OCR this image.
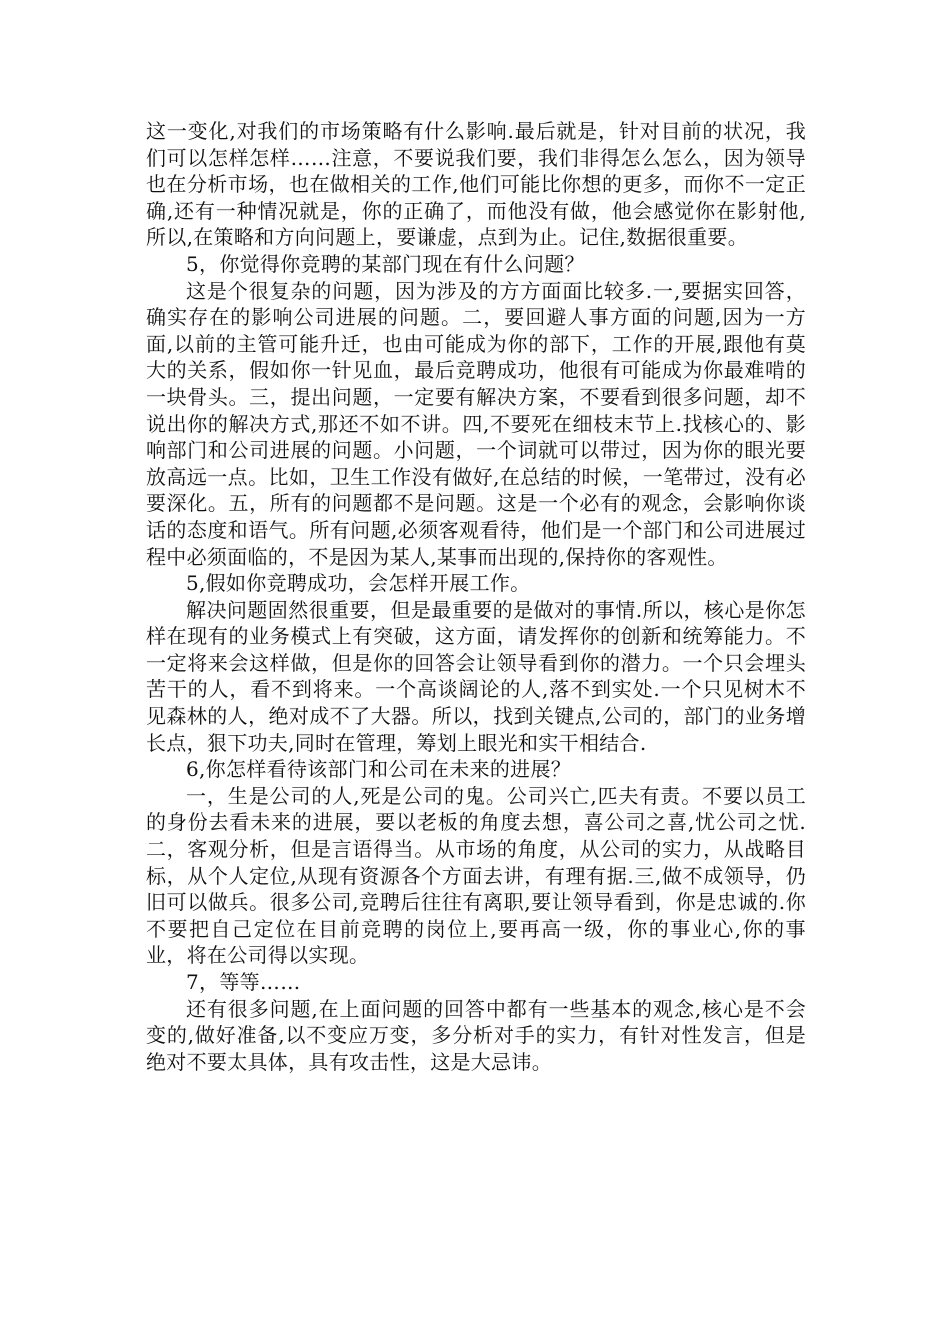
这一变化,对我们的市场策略有什么影响.最后就是，针对目前的状况，我们可以怎样怎样……注意，不要说我们要，我们非得怎么怎么，因为领导也在分析市场，也在做相关的工作,他们可能比你想的更多，而你不一定正确,还有一种情况就是，你的正确了，而他没有做，他会感觉你在影射他,所以,在策略和方向问题上，要谦虚，点到为止。记住,数据很重要。

5，你觉得你竞聘的某部门现在有什么问题？

这是个很复杂的问题，因为涉及的方方面面比较多.一,要据实回答，确实存在的影响公司进展的问题。二，要回避人事方面的问题,因为一方面,以前的主管可能升迁，也由可能成为你的部下，工作的开展,跟他有莫大的关系，假如你一针见血，最后竞聘成功，他很有可能成为你最难啃的一块骨头。三，提出问题，一定要有解决方案，不要看到很多问题，却不说出你的解决方式,那还不如不讲。四,不要死在细枝末节上.找核心的、影响部门和公司进展的问题。小问题，一个词就可以带过，因为你的眼光要放高远一点。比如，卫生工作没有做好,在总结的时候，一笔带过，没有必要深化。五，所有的问题都不是问题。这是一个必有的观念，会影响你谈话的态度和语气。所有问题,必须客观看待，他们是一个部门和公司进展过程中必须面临的，不是因为某人,某事而出现的,保持你的客观性。

5,假如你竞聘成功，会怎样开展工作。

解决问题固然很重要，但是最重要的是做对的事情.所以，核心是你怎样在现有的业务模式上有突破，这方面，请发挥你的创新和统筹能力。不一定将来会这样做，但是你的回答会让领导看到你的潜力。一个只会埋头苦干的人，看不到将来。一个高谈阔论的人,落不到实处.一个只见树木不见森林的人，绝对成不了大器。所以，找到关键点,公司的，部门的业务增长点，狠下功夫,同时在管理，筹划上眼光和实干相结合.

6,你怎样看待该部门和公司在未来的进展？

一，生是公司的人,死是公司的鬼。公司兴亡,匹夫有责。不要以员工的身份去看未来的进展，要以老板的角度去想，喜公司之喜,忧公司之忧.二，客观分析，但是言语得当。从市场的角度，从公司的实力，从战略目标，从个人定位,从现有资源各个方面去讲，有理有据.三,做不成领导，仍旧可以做兵。很多公司,竞聘后往往有离职,要让领导看到，你是忠诚的.你不要把自己定位在目前竞聘的岗位上,要再高一级，你的事业心,你的事业，将在公司得以实现。

7，等等……

还有很多问题,在上面问题的回答中都有一些基本的观念,核心是不会变的,做好准备,以不变应万变，多分析对手的实力，有针对性发言，但是绝对不要太具体，具有攻击性，这是大忌讳。
